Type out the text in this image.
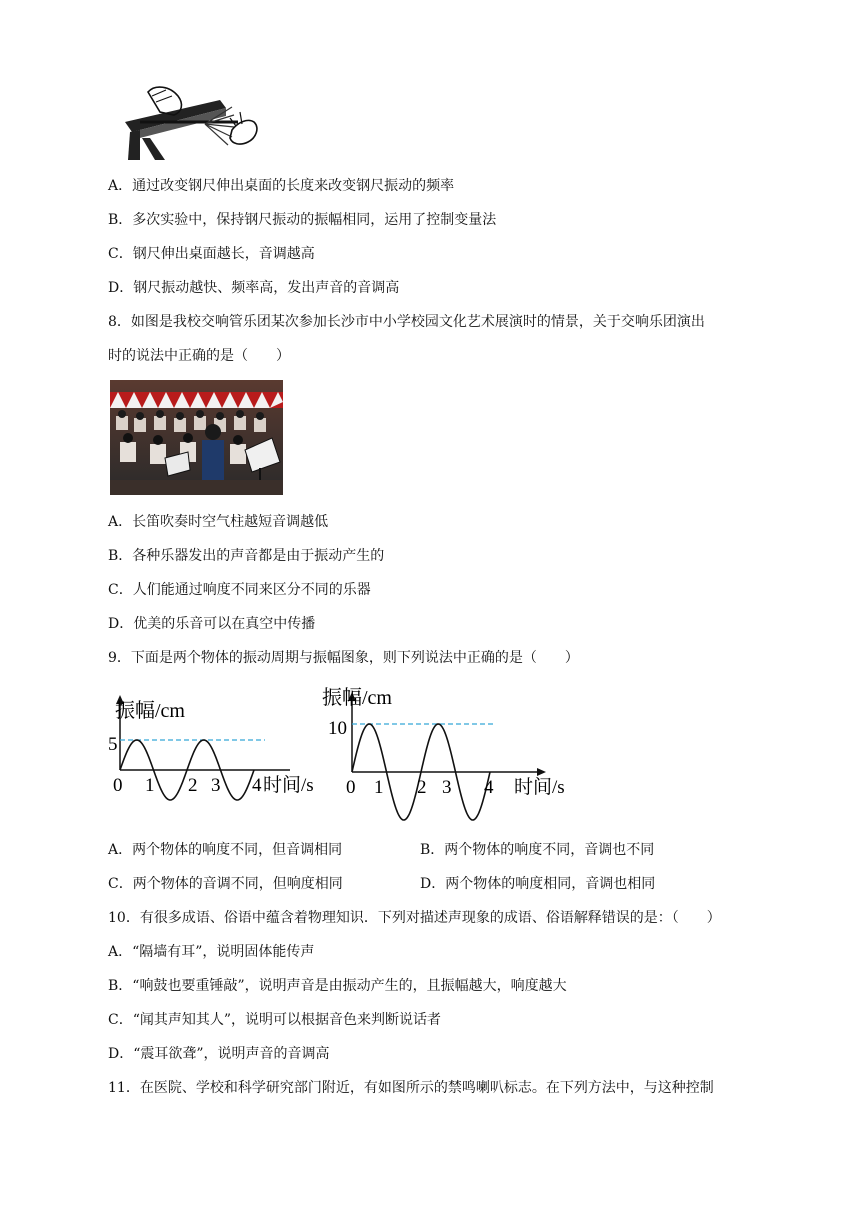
A．通过改变钢尺伸出桌面的长度来改变钢尺振动的频率
B．多次实验中，保持钢尺振动的振幅相同，运用了控制变量法
C．钢尺伸出桌面越长，音调越高
D．钢尺振动越快、频率高，发出声音的音调高
8．如图是我校交响管乐团某次参加长沙市中小学校园文化艺术展演时的情景，关于交响乐团演出
时的说法中正确的是（　　）
A．长笛吹奏时空气柱越短音调越低
B．各种乐器发出的声音都是由于振动产生的
C．人们能通过响度不同来区分不同的乐器
D．优美的乐音可以在真空中传播
9．下面是两个物体的振动周期与振幅图象，则下列说法中正确的是（　　）
振幅/cm
5
0 1 2 3 4 时间/s
振幅/cm
10
0 1 2 3 4 时间/s
A．两个物体的响度不同，但音调相同	B．两个物体的响度不同，音调也不同
C．两个物体的音调不同，但响度相同	D．两个物体的响度相同，音调也相同
10．有很多成语、俗语中蕴含着物理知识．下列对描述声现象的成语、俗语解释错误的是：（　　）
A．“隔墙有耳”，说明固体能传声
B．“响鼓也要重锤敲”，说明声音是由振动产生的，且振幅越大，响度越大
C．“闻其声知其人”，说明可以根据音色来判断说话者
D．“震耳欲聋”，说明声音的音调高
11．在医院、学校和科学研究部门附近，有如图所示的禁鸣喇叭标志。在下列方法中，与这种控制
